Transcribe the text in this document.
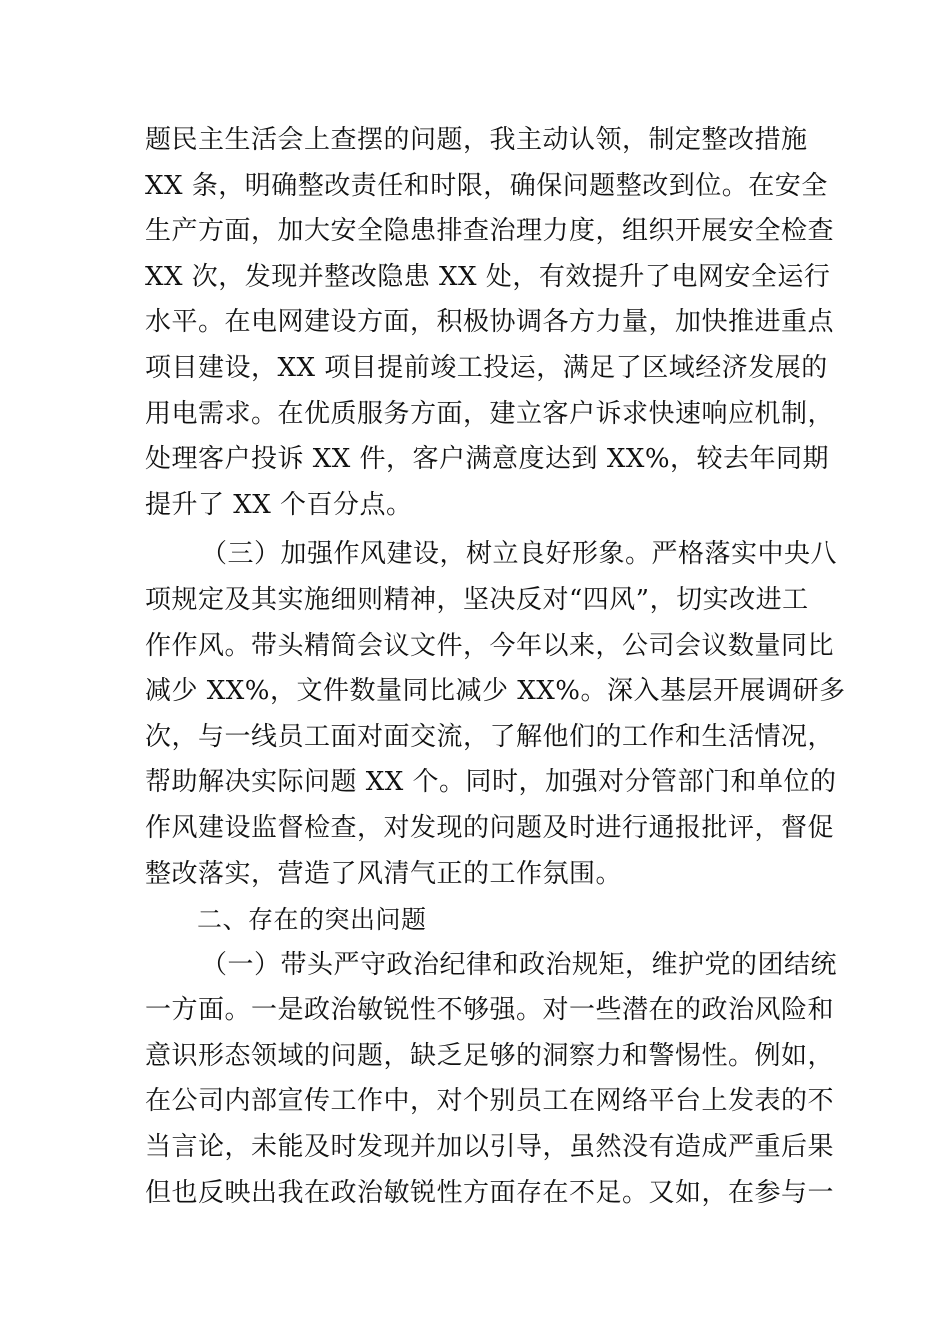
题民主生活会上查摆的问题，我主动认领，制定整改措施
XX 条，明确整改责任和时限，确保问题整改到位。在安全
生产方面，加大安全隐患排查治理力度，组织开展安全检查
XX 次，发现并整改隐患 XX 处，有效提升了电网安全运行
水平。在电网建设方面，积极协调各方力量，加快推进重点
项目建设，XX 项目提前竣工投运，满足了区域经济发展的
用电需求。在优质服务方面，建立客户诉求快速响应机制，
处理客户投诉 XX 件，客户满意度达到 XX%，较去年同期
提升了 XX 个百分点。
（三）加强作风建设，树立良好形象。严格落实中央八
项规定及其实施细则精神，坚决反对“四风”，切实改进工
作作风。带头精简会议文件，今年以来，公司会议数量同比
减少 XX%，文件数量同比减少 XX%。深入基层开展调研多
次，与一线员工面对面交流，了解他们的工作和生活情况，
帮助解决实际问题 XX 个。同时，加强对分管部门和单位的
作风建设监督检查，对发现的问题及时进行通报批评，督促
整改落实，营造了风清气正的工作氛围。
二、存在的突出问题
（一）带头严守政治纪律和政治规矩，维护党的团结统
一方面。一是政治敏锐性不够强。对一些潜在的政治风险和
意识形态领域的问题，缺乏足够的洞察力和警惕性。例如，
在公司内部宣传工作中，对个别员工在网络平台上发表的不
当言论，未能及时发现并加以引导，虽然没有造成严重后果
但也反映出我在政治敏锐性方面存在不足。又如，在参与一
